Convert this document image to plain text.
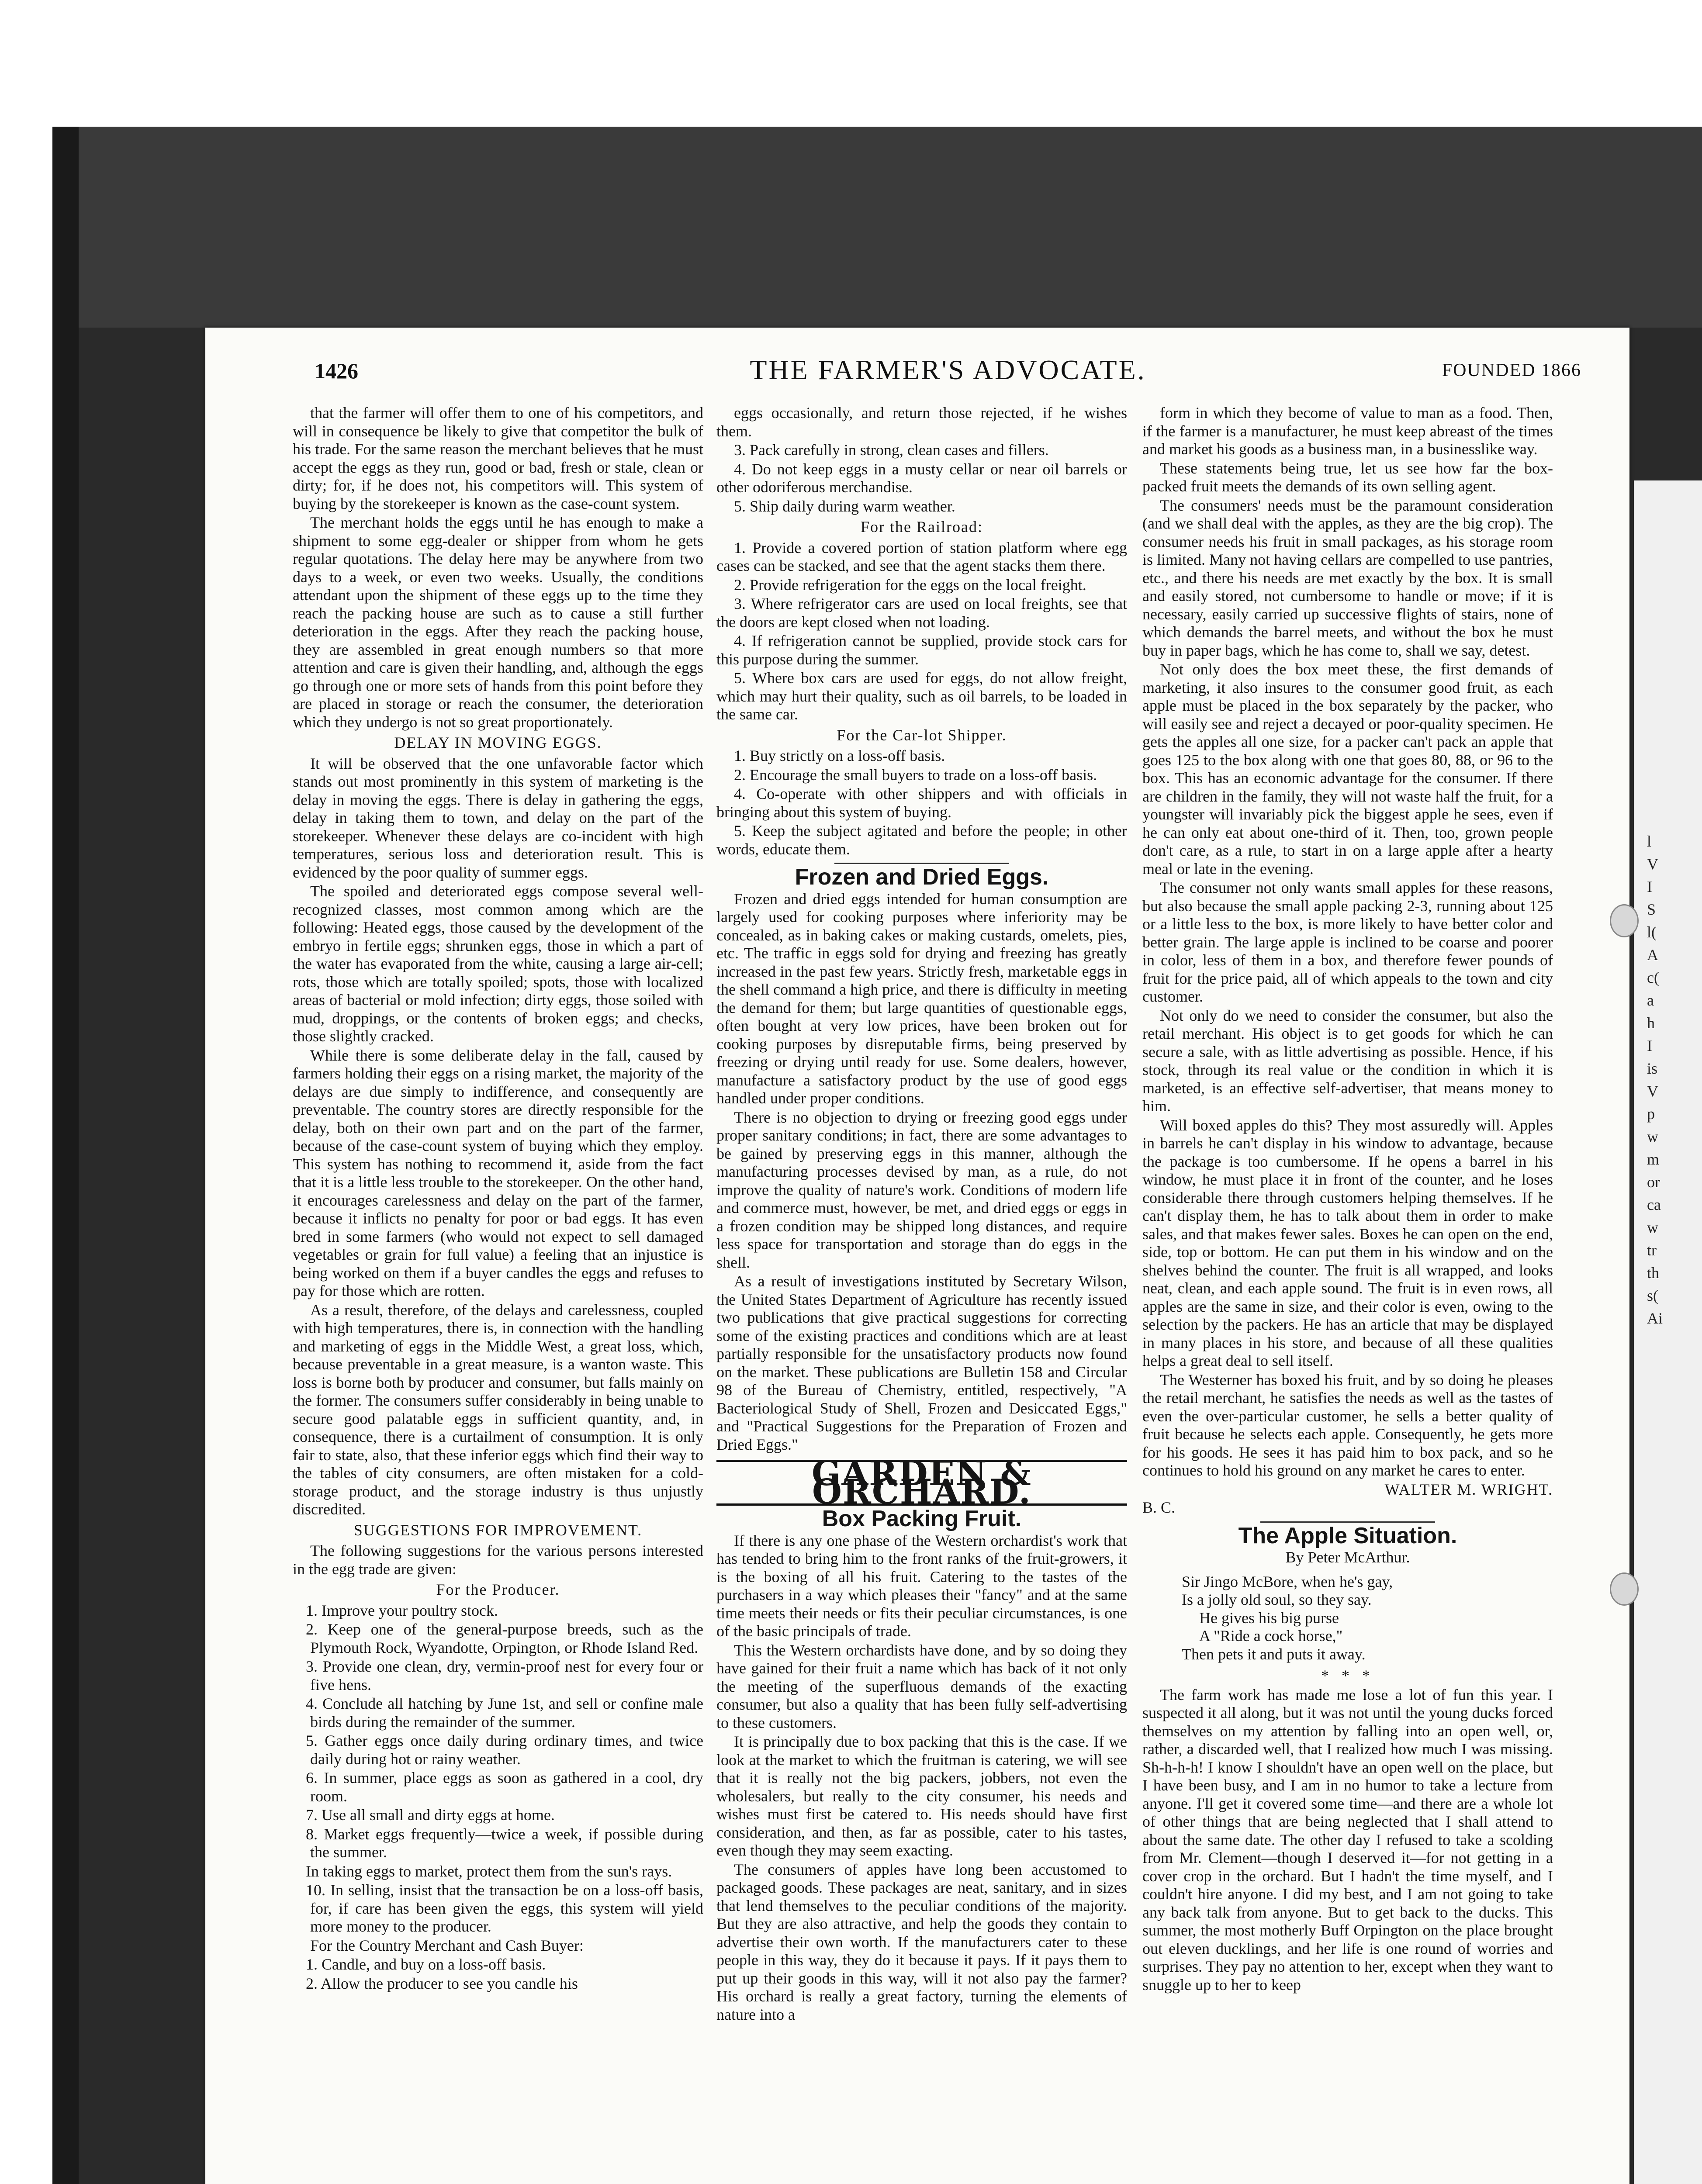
l
V
I
S
l(
A
c(
a
h
I
is
V
p
w
m
or
ca
w
tr
th
s(
Ai
1426	THE FARMER'S ADVOCATE.	FOUNDED 1866

that the farmer will offer them to one of his competitors, and will in consequence be likely to give that competitor the bulk of his trade. For the same reason the merchant believes that he must accept the eggs as they run, good or bad, fresh or stale, clean or dirty; for, if he does not, his competitors will. This system of buying by the storekeeper is known as the case-count system.

The merchant holds the eggs until he has enough to make a shipment to some egg-dealer or shipper from whom he gets regular quotations. The delay here may be anywhere from two days to a week, or even two weeks. Usually, the conditions attendant upon the shipment of these eggs up to the time they reach the packing house are such as to cause a still further deterioration in the eggs. After they reach the packing house, they are assembled in great enough numbers so that more attention and care is given their handling, and, although the eggs go through one or more sets of hands from this point before they are placed in storage or reach the consumer, the deterioration which they undergo is not so great proportionately.

DELAY IN MOVING EGGS.

It will be observed that the one unfavorable factor which stands out most prominently in this system of marketing is the delay in moving the eggs. There is delay in gathering the eggs, delay in taking them to town, and delay on the part of the storekeeper. Whenever these delays are co-incident with high temperatures, serious loss and deterioration result. This is evidenced by the poor quality of summer eggs.

The spoiled and deteriorated eggs compose several well-recognized classes, most common among which are the following: Heated eggs, those caused by the development of the embryo in fertile eggs; shrunken eggs, those in which a part of the water has evaporated from the white, causing a large air-cell; rots, those which are totally spoiled; spots, those with localized areas of bacterial or mold infection; dirty eggs, those soiled with mud, droppings, or the contents of broken eggs; and checks, those slightly cracked.

While there is some deliberate delay in the fall, caused by farmers holding their eggs on a rising market, the majority of the delays are due simply to indifference, and consequently are preventable. The country stores are directly responsible for the delay, both on their own part and on the part of the farmer, because of the case-count system of buying which they employ. This system has nothing to recommend it, aside from the fact that it is a little less trouble to the storekeeper. On the other hand, it encourages carelessness and delay on the part of the farmer, because it inflicts no penalty for poor or bad eggs. It has even bred in some farmers (who would not expect to sell damaged vegetables or grain for full value) a feeling that an injustice is being worked on them if a buyer candles the eggs and refuses to pay for those which are rotten.

As a result, therefore, of the delays and carelessness, coupled with high temperatures, there is, in connection with the handling and marketing of eggs in the Middle West, a great loss, which, because preventable in a great measure, is a wanton waste. This loss is borne both by producer and consumer, but falls mainly on the former. The consumers suffer considerably in being unable to secure good palatable eggs in sufficient quantity, and, in consequence, there is a curtailment of consumption. It is only fair to state, also, that these inferior eggs which find their way to the tables of city consumers, are often mistaken for a cold-storage product, and the storage industry is thus unjustly discredited.

SUGGESTIONS FOR IMPROVEMENT.

The following suggestions for the various persons interested in the egg trade are given:

For the Producer.

1. Improve your poultry stock.

2. Keep one of the general-purpose breeds, such as the Plymouth Rock, Wyandotte, Orpington, or Rhode Island Red.

3. Provide one clean, dry, vermin-proof nest for every four or five hens.

4. Conclude all hatching by June 1st, and sell or confine male birds during the remainder of the summer.

5. Gather eggs once daily during ordinary times, and twice daily during hot or rainy weather.

6. In summer, place eggs as soon as gathered in a cool, dry room.

7. Use all small and dirty eggs at home.

8. Market eggs frequently—twice a week, if possible during the summer.

In taking eggs to market, protect them from the sun's rays.

10. In selling, insist that the transaction be on a loss-off basis, for, if care has been given the eggs, this system will yield more money to the producer.

For the Country Merchant and Cash Buyer:

1. Candle, and buy on a loss-off basis.

2. Allow the producer to see you candle his

eggs occasionally, and return those rejected, if he wishes them.

3. Pack carefully in strong, clean cases and fillers.

4. Do not keep eggs in a musty cellar or near oil barrels or other odoriferous merchandise.

5. Ship daily during warm weather.

For the Railroad:

1. Provide a covered portion of station platform where egg cases can be stacked, and see that the agent stacks them there.

2. Provide refrigeration for the eggs on the local freight.

3. Where refrigerator cars are used on local freights, see that the doors are kept closed when not loading.

4. If refrigeration cannot be supplied, provide stock cars for this purpose during the summer.

5. Where box cars are used for eggs, do not allow freight, which may hurt their quality, such as oil barrels, to be loaded in the same car.

For the Car-lot Shipper.

1. Buy strictly on a loss-off basis.

2. Encourage the small buyers to trade on a loss-off basis.

4. Co-operate with other shippers and with officials in bringing about this system of buying.

5. Keep the subject agitated and before the people; in other words, educate them.

Frozen and Dried Eggs.

Frozen and dried eggs intended for human consumption are largely used for cooking purposes where inferiority may be concealed, as in baking cakes or making custards, omelets, pies, etc. The traffic in eggs sold for drying and freezing has greatly increased in the past few years. Strictly fresh, marketable eggs in the shell command a high price, and there is difficulty in meeting the demand for them; but large quantities of questionable eggs, often bought at very low prices, have been broken out for cooking purposes by disreputable firms, being preserved by freezing or drying until ready for use. Some dealers, however, manufacture a satisfactory product by the use of good eggs handled under proper conditions.

There is no objection to drying or freezing good eggs under proper sanitary conditions; in fact, there are some advantages to be gained by preserving eggs in this manner, although the manufacturing processes devised by man, as a rule, do not improve the quality of nature's work. Conditions of modern life and commerce must, however, be met, and dried eggs or eggs in a frozen condition may be shipped long distances, and require less space for transportation and storage than do eggs in the shell.

As a result of investigations instituted by Secretary Wilson, the United States Department of Agriculture has recently issued two publications that give practical suggestions for correcting some of the existing practices and conditions which are at least partially responsible for the unsatisfactory products now found on the market. These publications are Bulletin 158 and Circular 98 of the Bureau of Chemistry, entitled, respectively, "A Bacteriological Study of Shell, Frozen and Desiccated Eggs," and "Practical Suggestions for the Preparation of Frozen and Dried Eggs."

GARDEN & ORCHARD.
Box Packing Fruit.

If there is any one phase of the Western orchardist's work that has tended to bring him to the front ranks of the fruit-growers, it is the boxing of all his fruit. Catering to the tastes of the purchasers in a way which pleases their "fancy" and at the same time meets their needs or fits their peculiar circumstances, is one of the basic principals of trade.

This the Western orchardists have done, and by so doing they have gained for their fruit a name which has back of it not only the meeting of the superfluous demands of the exacting consumer, but also a quality that has been fully self-advertising to these customers.

It is principally due to box packing that this is the case. If we look at the market to which the fruitman is catering, we will see that it is really not the big packers, jobbers, not even the wholesalers, but really to the city consumer, his needs and wishes must first be catered to. His needs should have first consideration, and then, as far as possible, cater to his tastes, even though they may seem exacting.

The consumers of apples have long been accustomed to packaged goods. These packages are neat, sanitary, and in sizes that lend themselves to the peculiar conditions of the majority. But they are also attractive, and help the goods they contain to advertise their own worth. If the manufacturers cater to these people in this way, they do it because it pays. If it pays them to put up their goods in this way, will it not also pay the farmer? His orchard is really a great factory, turning the elements of nature into a

form in which they become of value to man as a food. Then, if the farmer is a manufacturer, he must keep abreast of the times and market his goods as a business man, in a businesslike way.

These statements being true, let us see how far the box-packed fruit meets the demands of its own selling agent.

The consumers' needs must be the paramount consideration (and we shall deal with the apples, as they are the big crop). The consumer needs his fruit in small packages, as his storage room is limited. Many not having cellars are compelled to use pantries, etc., and there his needs are met exactly by the box. It is small and easily stored, not cumbersome to handle or move; if it is necessary, easily carried up successive flights of stairs, none of which demands the barrel meets, and without the box he must buy in paper bags, which he has come to, shall we say, detest.

Not only does the box meet these, the first demands of marketing, it also insures to the consumer good fruit, as each apple must be placed in the box separately by the packer, who will easily see and reject a decayed or poor-quality specimen. He gets the apples all one size, for a packer can't pack an apple that goes 125 to the box along with one that goes 80, 88, or 96 to the box. This has an economic advantage for the consumer. If there are children in the family, they will not waste half the fruit, for a youngster will invariably pick the biggest apple he sees, even if he can only eat about one-third of it. Then, too, grown people don't care, as a rule, to start in on a large apple after a hearty meal or late in the evening.

The consumer not only wants small apples for these reasons, but also because the small apple packing 2-3, running about 125 or a little less to the box, is more likely to have better color and better grain. The large apple is inclined to be coarse and poorer in color, less of them in a box, and therefore fewer pounds of fruit for the price paid, all of which appeals to the town and city customer.

Not only do we need to consider the consumer, but also the retail merchant. His object is to get goods for which he can secure a sale, with as little advertising as possible. Hence, if his stock, through its real value or the condition in which it is marketed, is an effective self-advertiser, that means money to him.

Will boxed apples do this? They most assuredly will. Apples in barrels he can't display in his window to advantage, because the package is too cumbersome. If he opens a barrel in his window, he must place it in front of the counter, and he loses considerable there through customers helping themselves. If he can't display them, he has to talk about them in order to make sales, and that makes fewer sales. Boxes he can open on the end, side, top or bottom. He can put them in his window and on the shelves behind the counter. The fruit is all wrapped, and looks neat, clean, and each apple sound. The fruit is in even rows, all apples are the same in size, and their color is even, owing to the selection by the packers. He has an article that may be displayed in many places in his store, and because of all these qualities helps a great deal to sell itself.

The Westerner has boxed his fruit, and by so doing he pleases the retail merchant, he satisfies the needs as well as the tastes of even the over-particular customer, he sells a better quality of fruit because he selects each apple. Consequently, he gets more for his goods. He sees it has paid him to box pack, and so he continues to hold his ground on any market he cares to enter.

WALTER M. WRIGHT.

B. C.

The Apple Situation.
By Peter McArthur.
Sir Jingo McBore, when he's gay,
Is a jolly old soul, so they say.
He gives his big purse
A "Ride a cock horse,"
Then pets it and puts it away.
* * *

The farm work has made me lose a lot of fun this year. I suspected it all along, but it was not until the young ducks forced themselves on my attention by falling into an open well, or, rather, a discarded well, that I realized how much I was missing. Sh-h-h-h! I know I shouldn't have an open well on the place, but I have been busy, and I am in no humor to take a lecture from anyone. I'll get it covered some time—and there are a whole lot of other things that are being neglected that I shall attend to about the same date. The other day I refused to take a scolding from Mr. Clement—though I deserved it—for not getting in a cover crop in the orchard. But I hadn't the time myself, and I couldn't hire anyone. I did my best, and I am not going to take any back talk from anyone. But to get back to the ducks. This summer, the most motherly Buff Orpington on the place brought out eleven ducklings, and her life is one round of worries and surprises. They pay no attention to her, except when they want to snuggle up to her to keep
